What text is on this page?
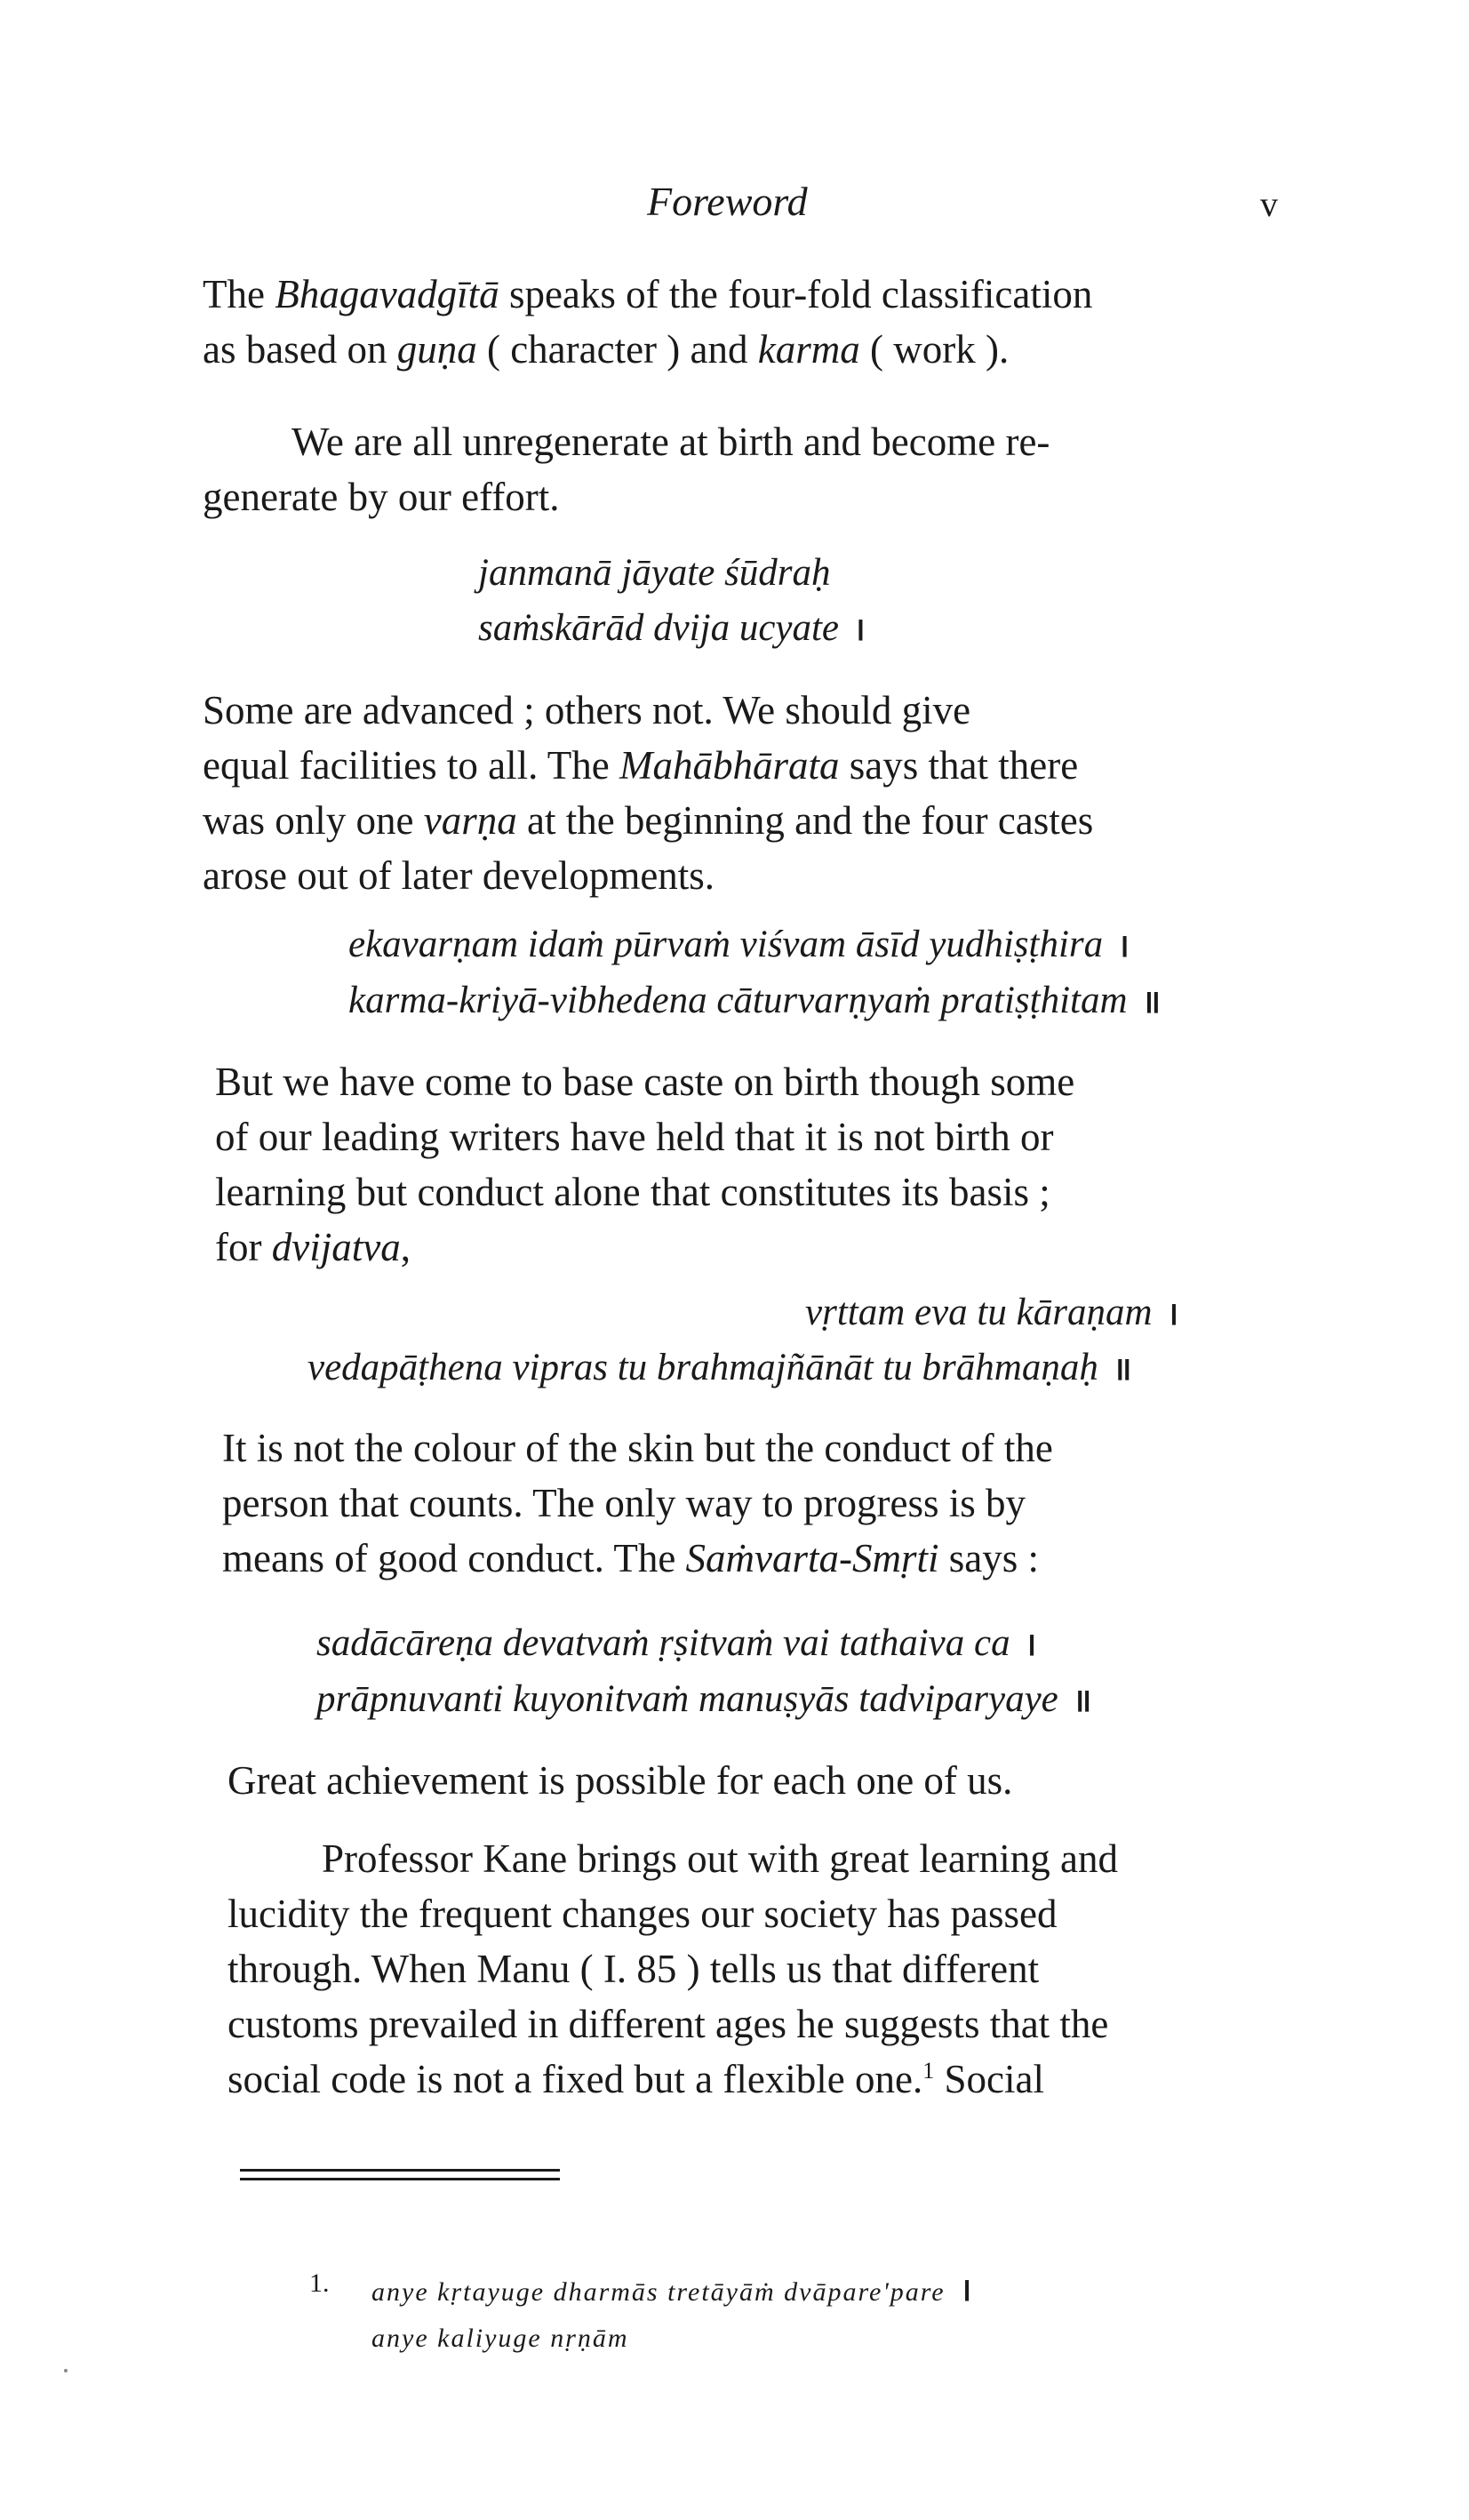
Foreword	v
The Bhagavadgītā speaks of the four-fold classification
as based on guṇa ( character ) and karma ( work ).
We are all unregenerate at birth and become re-
generate by our effort.
janmanā jāyate śūdraḥ
saṁskārād dvija ucyate ।
Some are advanced ; others not. We should give
equal facilities to all. The Mahābhārata says that there
was only one varṇa at the beginning and the four castes
arose out of later developments.
ekavarṇam idaṁ pūrvaṁ viśvam āsīd yudhiṣṭhira ।
karma-kriyā-vibhedena cāturvarṇyaṁ pratiṣṭhitam ॥
But we have come to base caste on birth though some
of our leading writers have held that it is not birth or
learning but conduct alone that constitutes its basis ;
for dvijatva,
vṛttam eva tu kāraṇam ।
vedapāṭhena vipras tu brahmajñānāt tu brāhmaṇaḥ ॥
It is not the colour of the skin but the conduct of the
person that counts. The only way to progress is by
means of good conduct. The Saṁvarta-Smṛti says :
sadācāreṇa devatvaṁ ṛṣitvaṁ vai tathaiva ca ।
prāpnuvanti kuyonitvaṁ manuṣyās tadviparyaye ॥
Great achievement is possible for each one of us.
Professor Kane brings out with great learning and
lucidity the frequent changes our society has passed
through. When Manu ( I. 85 ) tells us that different
customs prevailed in different ages he suggests that the
social code is not a fixed but a flexible one.$^1$ Social
1. anye kṛtayuge dharmās tretāyāṁ dvāpare'pare ।
anye kaliyuge nṛṇām
